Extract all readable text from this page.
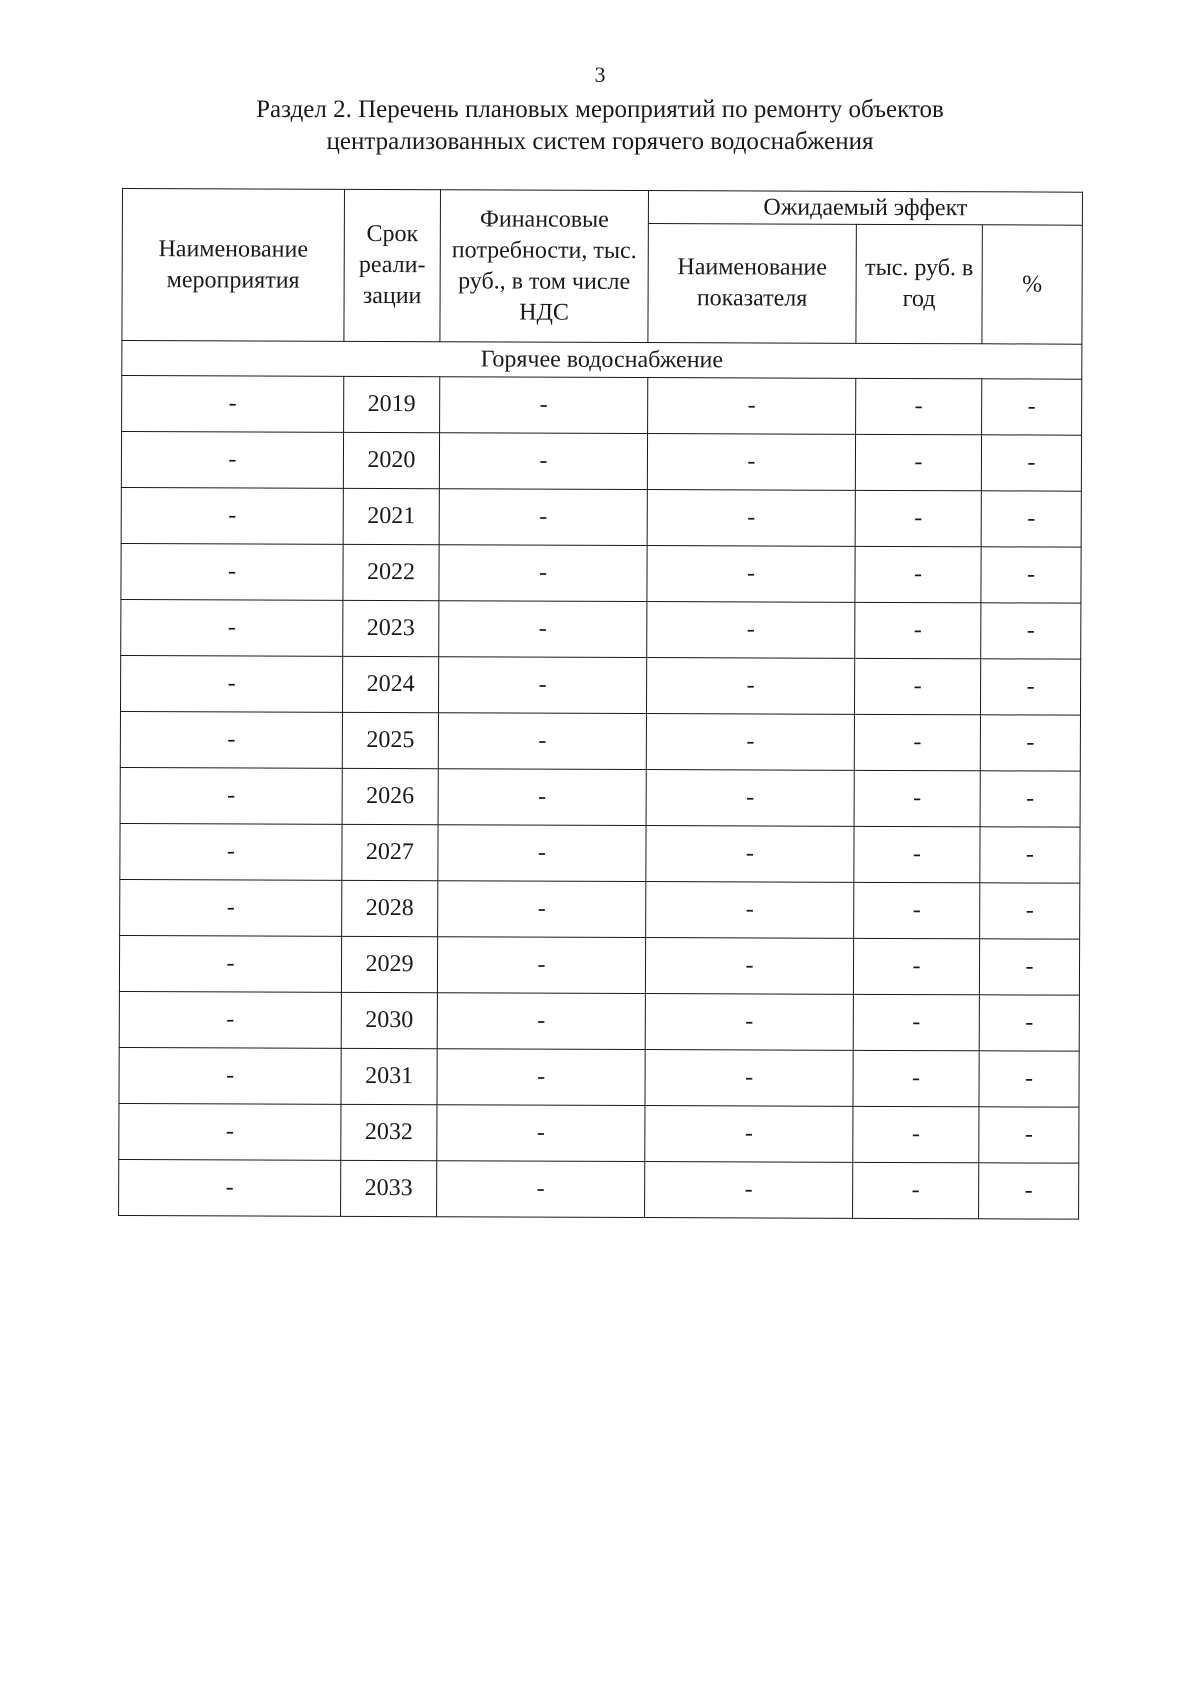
3
Раздел 2. Перечень плановых мероприятий по ремонту объектов
централизованных систем горячего водоснабжения
Наименование мероприятия	Срок реали-зации	Финансовые потребности, тыс. руб., в том числе НДС	Ожидаемый эффект		
			Наименование показателя	тыс. руб. в год	%
Горячее водоснабжение					
-	2019	-	-	-	-
-	2020	-	-	-	-
-	2021	-	-	-	-
-	2022	-	-	-	-
-	2023	-	-	-	-
-	2024	-	-	-	-
-	2025	-	-	-	-
-	2026	-	-	-	-
-	2027	-	-	-	-
-	2028	-	-	-	-
-	2029	-	-	-	-
-	2030	-	-	-	-
-	2031	-	-	-	-
-	2032	-	-	-	-
-	2033	-	-	-	-
